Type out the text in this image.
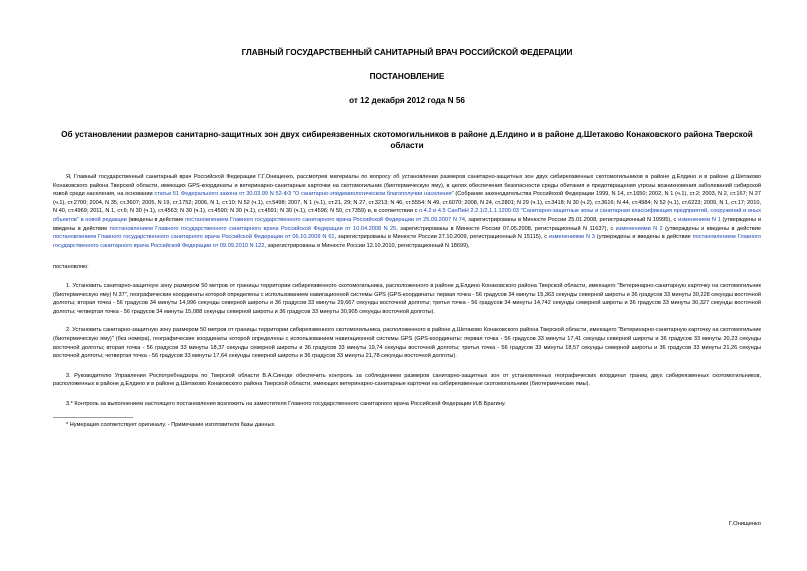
ГЛАВНЫЙ ГОСУДАРСТВЕННЫЙ САНИТАРНЫЙ ВРАЧ РОССИЙСКОЙ ФЕДЕРАЦИИ

ПОСТАНОВЛЕНИЕ

от 12 декабря 2012 года N 56

Об установлении размеров санитарно-защитных зон двух сибиреязвенных скотомогильников в районе д.Елдино и в районе д.Шетаково Конаковского района Тверской области

Я, Главный государственный санитарный врач Российской Федерации Г.Г.Онищенко, рассмотрев материалы по вопросу об установлении размеров санитарно-защитных зон двух сибиреязвенных скотомогильников в районе д.Елдино и в районе д.Шетаково Конаковского района Тверской области, имеющих GPS-координаты и ветеринарно-санитарные карточки на скотомогильник (биотермическую яму), в целях обеспечения безопасности среды обитания и предотвращения угрозы возникновения заболеваний сибирской язвой среди населения, на основании статьи 51 Федерального закона от 30.03.99 N 52-ФЗ "О санитарно-эпидемиологическом благополучии населения" (Собрание законодательства Российской Федерации 1999, N 14, ст.1650; 2002, N 1 (ч.1), ст.2; 2003, N 2, ст.167; N 27 (ч.1), ст.2700; 2004, N 35, ст.3607; 2005, N 19, ст.1752; 2006, N 1, ст.10; N 52 (ч.1), ст.5498; 2007, N 1 (ч.1), ст.21, 29; N 27, ст.3213; N 46, ст.5554; N 49, ст.6070; 2008, N 24, ст.2801; N 29 (ч.1), ст.3418; N 30 (ч.2), ст.3616; N 44, ст.4984; N 52 (ч.1), ст.6223; 2009, N 1, ст.17; 2010, N 40, ст.4969; 2011, N 1, ст.6; N 30 (ч.1), ст.4563; N 30 (ч.1), ст.4590; N 30 (ч.1), ст.4591; N 30 (ч.1), ст.4596; N 50, ст.7359) и, в соответствии с п.4.2 и 4.5 СанПиН 2.2.1/2.1.1.1200-03 "Санитарно-защитные зоны и санитарная классификация предприятий, сооружений и иных объектов" в новой редакции (введены в действие постановлением Главного государственного санитарного врача Российской Федерации от 25.09.2007 N 74, зарегистрированы в Минюсте России 25.01.2008, регистрационный N 10995), с изменением N 1 (утверждены и введены в действие постановлением Главного государственного санитарного врача Российской Федерации от 10.04.2008 N 25, зарегистрированы в Минюсте России 07.05.2008, регистрационный N 11637), с изменениями N 2 (утверждены и введены в действие постановлением Главного государственного санитарного врача Российской Федерации от 06.10.2009 N 61, зарегистрированы в Минюсте России 27.10.2009, регистрационный N 15115), с изменениями N 3 (утверждены и введены в действие постановлением Главного государственного санитарного врача Российской Федерации от 09.09.2010 N 122, зарегистрированы в Минюсте России 12.10.2010, регистрационный N 18699),

постановляю:

1. Установить санитарно-защитную зону размером 50 метров от границы территории сибиреязвенного скотомогильника, расположенного в районе д.Елдино Конаковского района Тверской области, имеющего "Ветеринарно-санитарную карточку на скотомогильник (биотермическую яму) N 37", географические координаты которой определены с использованием навигационной системы GPS (GPS-координаты: первая точка - 56 градусов 34 минуты 15,363 секунды северной широты и 36 градусов 33 минуты 30,228 секунды восточной долготы; вторая точка - 56 градусов 34 минуты 14,996 секунды северной широты и 36 градусов 33 минуты 29,667 секунды восточной долготы; третья точка - 56 градусов 34 минуты 14,742 секунды северной широты и 36 градусов 33 минуты 30,327 секунды восточной долготы; четвертая точка - 56 градусов 34 минуты 15,088 секунды северной широты и 36 градусов 33 минуты 30,905 секунды восточной долготы).

2. Установить санитарно-защитную зону размером 50 метров от границы территории сибиреязвенного скотомогильника, расположенного в районе д.Шетаково Конаковского района Тверской области, имеющего "Ветеринарно-санитарную карточку на скотомогильник (биотермическую яму)" (без номера), географические координаты которой определены с использованием навигационной системы GPS (GPS-координаты: первая точка - 56 градусов 33 минуты 17,41 секунды северной широты и 36 градусов 33 минуты 20,23 секунды восточной долготы; вторая точка - 56 градусов 33 минуты 18,37 секунды северной широты и 36 градусов 33 минуты 19,74 секунды восточной долготы; третья точка - 56 градусов 33 минуты 18,57 секунды северной широты и 36 градусов 33 минуты 21,26 секунды восточной долготы; четвертая точка - 56 градусов 33 минуты 17,64 секунды северной широты и 36 градусов 33 минуты 21,78 секунды восточной долготы).

3. Руководителю Управления Роспотребнадзора по Тверской области В.А.Синоде обеспечить контроль за соблюдением размеров санитарно-защитных зон от установленных географических координат границ двух сибиреязвенных скотомогильников, расположенных в районе д.Елдино и в районе д.Шетаково Конаковского района Тверской области, имеющих ветеринарно-санитарные карточки на сибиреязвенные скотомогильники (биотермические ямы).

3.* Контроль за выполнением настоящего постановления возложить на заместителя Главного государственного санитарного врача Российской Федерации И.В.Брагину.

* Нумерация соответствует оригиналу. - Примечание изготовителя базы данных.

Г.Онищенко
